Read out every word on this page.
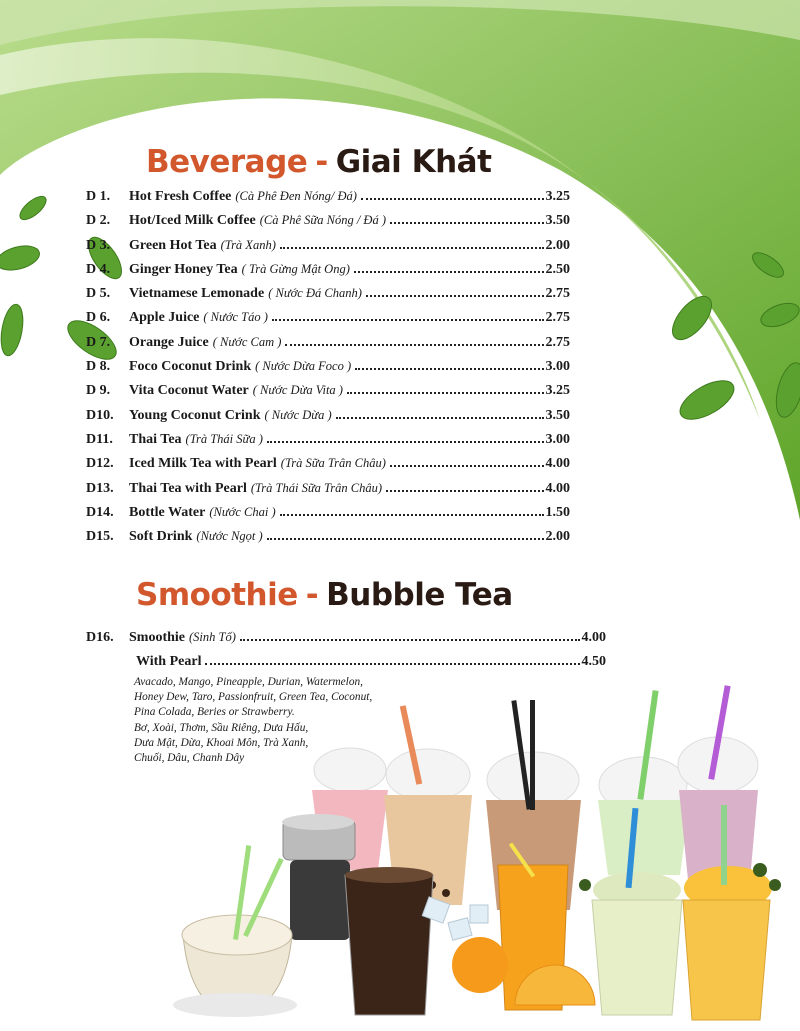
Beverage - Giai Khát
D 1.	Hot Fresh Coffee (Cà Phê Đen Nóng/ Đá)	3.25
D 2.	Hot/Iced Milk Coffee (Cà Phê Sữa Nóng / Đá )	3.50
D 3.	Green Hot Tea (Trà Xanh)	2.00
D 4.	Ginger Honey Tea ( Trà Gừng Mật Ong)	2.50
D 5.	Vietnamese Lemonade ( Nước Đá Chanh)	2.75
D 6.	Apple Juice ( Nước Táo )	2.75
D 7.	Orange Juice ( Nước Cam )	2.75
D 8.	Foco Coconut Drink ( Nước Dừa Foco )	3.00
D 9.	Vita Coconut Water ( Nước Dừa Vita )	3.25
D10.	Young Coconut Crink ( Nước Dừa )	3.50
D11.	Thai Tea (Trà Thái Sữa )	3.00
D12.	Iced Milk Tea with Pearl (Trà Sữa Trân Châu)	4.00
D13.	Thai Tea with Pearl (Trà Thái Sữa Trân Châu)	4.00
D14.	Bottle Water (Nước Chai )	1.50
D15.	Soft Drink (Nước Ngọt )	2.00
Smoothie - Bubble Tea
D16.	Smoothie (Sinh Tố)	4.00
With Pearl	4.50
Avacado, Mango, Pineapple, Durian, Watermelon,
Honey Dew, Taro, Passionfruit, Green Tea, Coconut,
Pina Colada, Beries or Strawberry.
Bơ, Xoài, Thơm, Sầu Riêng, Dưa Hấu,
Dưa Mật, Dừa, Khoai Môn, Trà Xanh,
Chuối, Dâu, Chanh Dây
